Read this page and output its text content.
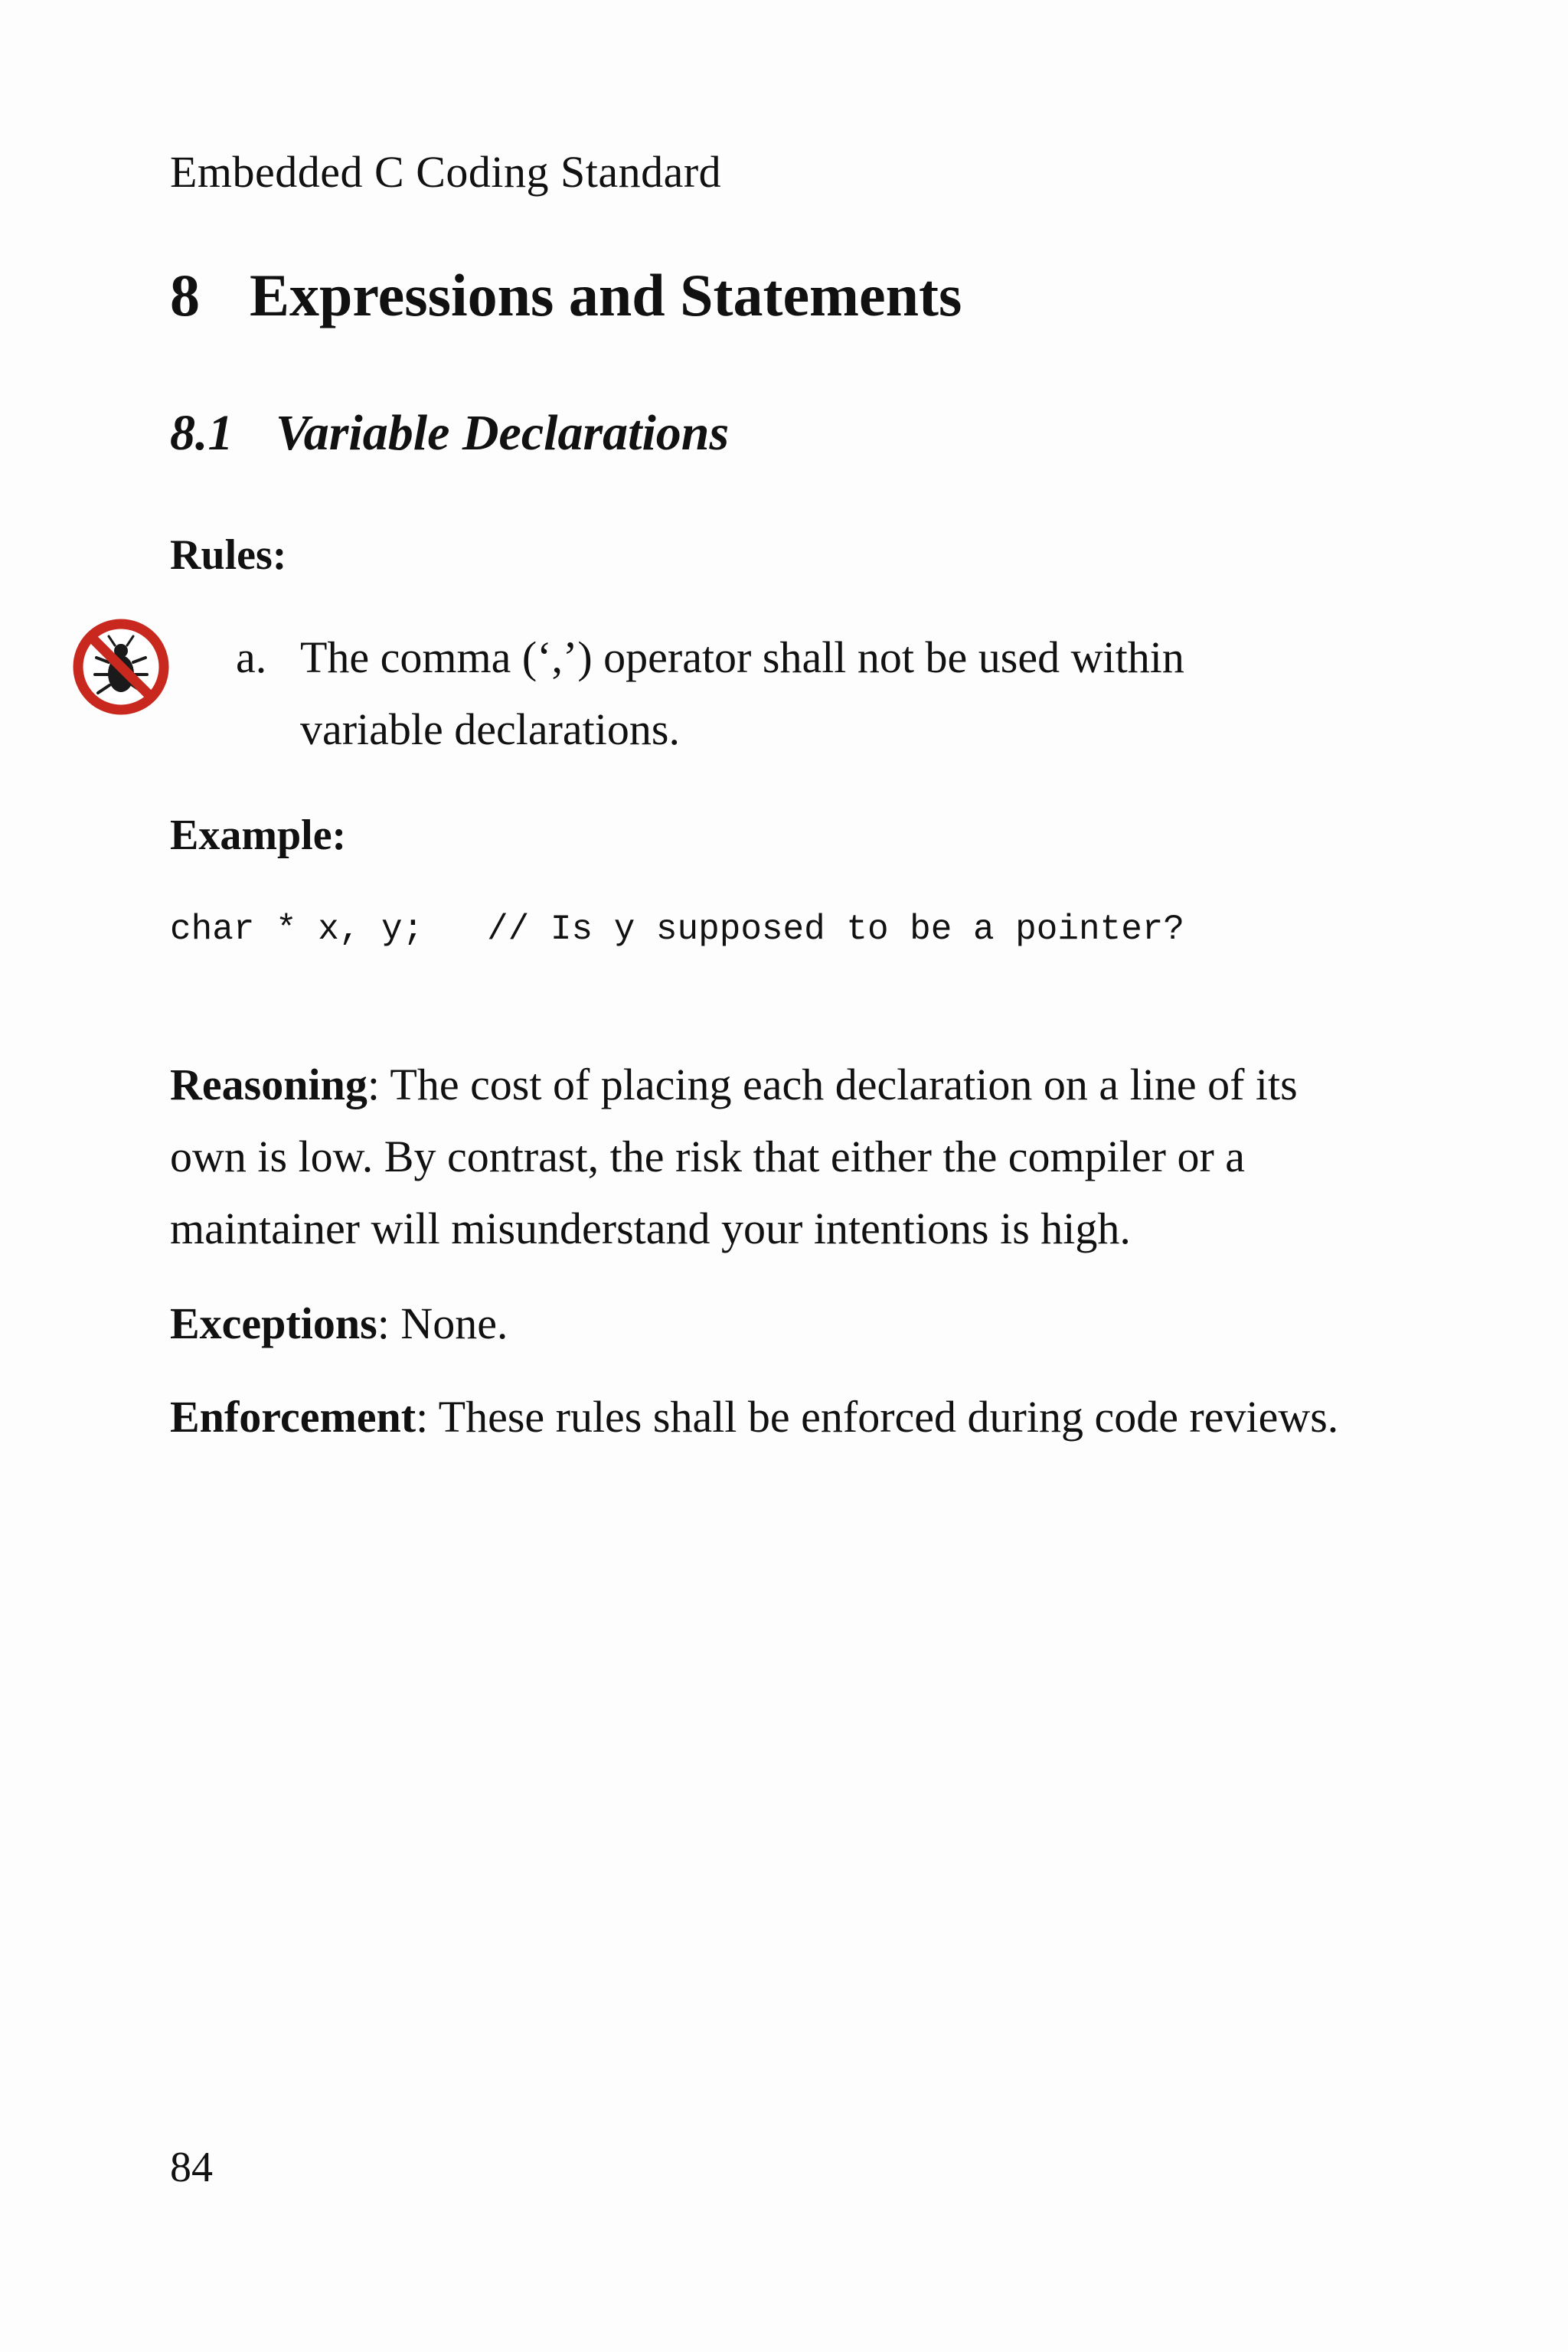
Embedded C Coding Standard
8 Expressions and Statements
8.1 Variable Declarations
Rules:
a. The comma (‘,’) operator shall not be used within variable declarations.
Example:
char * x, y;   // Is y supposed to be a pointer?
Reasoning: The cost of placing each declaration on a line of its own is low. By contrast, the risk that either the compiler or a maintainer will misunderstand your intentions is high.
Exceptions: None.
Enforcement: These rules shall be enforced during code reviews.
84
